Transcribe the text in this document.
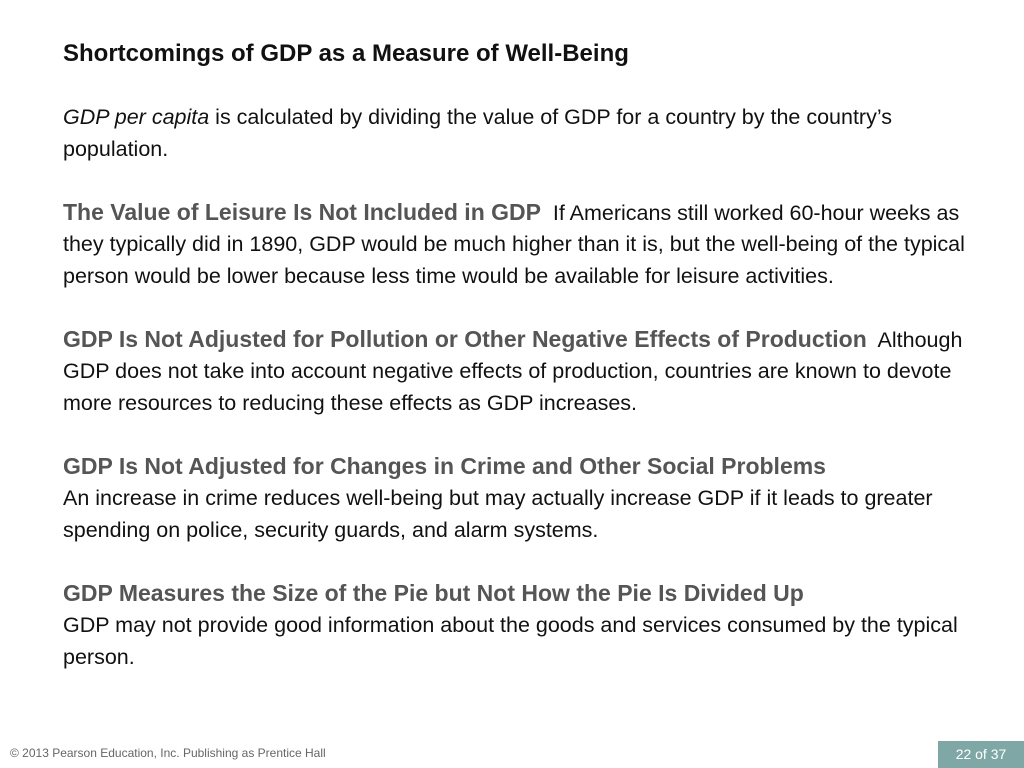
Shortcomings of GDP as a Measure of Well-Being

GDP per capita is calculated by dividing the value of GDP for a country by the country’s population.

The Value of Leisure Is Not Included in GDP If Americans still worked 60-hour weeks as they typically did in 1890, GDP would be much higher than it is, but the well-being of the typical person would be lower because less time would be available for leisure activities.

GDP Is Not Adjusted for Pollution or Other Negative Effects of Production Although GDP does not take into account negative effects of production, countries are known to devote more resources to reducing these effects as GDP increases.

GDP Is Not Adjusted for Changes in Crime and Other Social Problems
An increase in crime reduces well-being but may actually increase GDP if it leads to greater spending on police, security guards, and alarm systems.

GDP Measures the Size of the Pie but Not How the Pie Is Divided Up
GDP may not provide good information about the goods and services consumed by the typical person.

© 2013 Pearson Education, Inc. Publishing as Prentice Hall	22 of 37
